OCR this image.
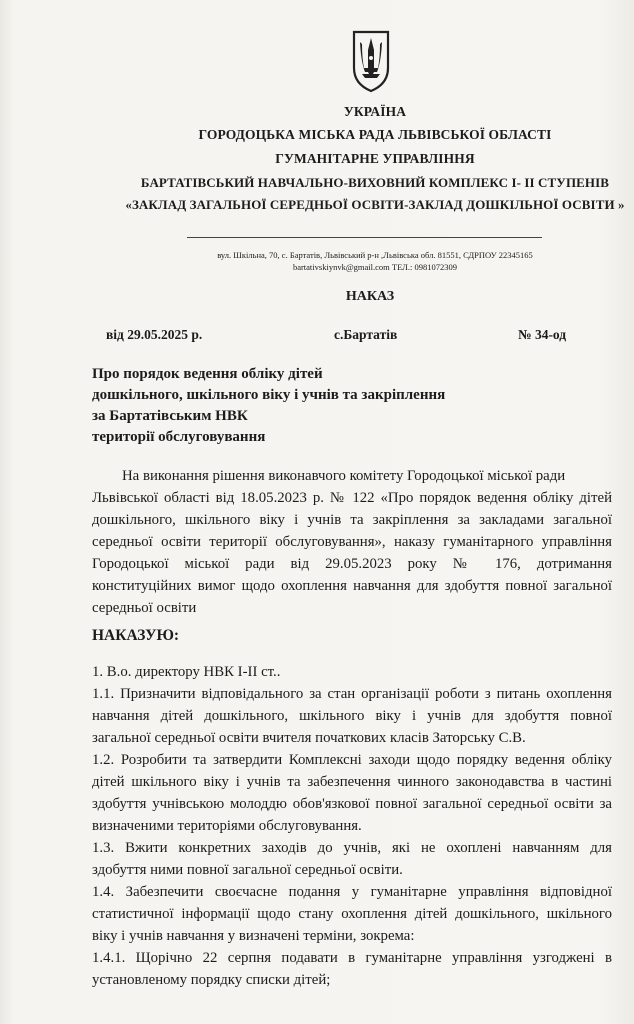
УКРАЇНА
ГОРОДОЦЬКА МІСЬКА РАДА ЛЬВІВСЬКОЇ ОБЛАСТІ
ГУМАНІТАРНЕ УПРАВЛІННЯ
БАРТАТІВСЬКИЙ НАВЧАЛЬНО-ВИХОВНИЙ КОМПЛЕКС І- ІІ СТУПЕНІВ
«ЗАКЛАД ЗАГАЛЬНОЇ СЕРЕДНЬОЇ ОСВІТИ-ЗАКЛАД ДОШКІЛЬНОЇ ОСВІТИ »
вул. Шкільна, 70, с. Бартатів, Львівський р-н ,Львівська обл. 81551, СДРПОУ 22345165
bartativskiynvk@gmail.com ТЕЛ.: 0981072309
НАКАЗ
від 29.05.2025 р.	с.Бартатів	№ 34-од
Про порядок ведення обліку дітей
дошкільного, шкільного віку і учнів та закріплення
за Бартатівським НВК
території обслуговування
На виконання рішення виконавчого комітету Городоцької міської ради
Львівської області від 18.05.2023 р. № 122 «Про порядок ведення обліку дітей
дошкільного, шкільного віку і учнів та закріплення за закладами загальної
середньої освіти території обслуговування», наказу гуманітарного управління
Городоцької міської ради від 29.05.2023 року № 176, дотримання
конституційних вимог щодо охоплення навчання для здобуття повної загальної
середньої освіти
НАКАЗУЮ:
1. В.о. директору НВК І-ІІ ст..
1.1. Призначити відповідального за стан організації роботи з питань охоплення
навчання дітей дошкільного, шкільного віку і учнів для здобуття повної
загальної середньої освіти вчителя початкових класів Заторську С.В.
1.2. Розробити та затвердити Комплексні заходи щодо порядку ведення обліку
дітей шкільного віку і учнів та забезпечення чинного законодавства в частині
здобуття учнівською молоддю обов'язкової повної загальної середньої освіти за
визначеними територіями обслуговування.
1.3. Вжити конкретних заходів до учнів, які не охоплені навчанням для
здобуття ними повної загальної середньої освіти.
1.4. Забезпечити своєчасне подання у гуманітарне управління відповідної
статистичної інформації щодо стану охоплення дітей дошкільного, шкільного
віку і учнів навчання у визначені терміни, зокрема:
1.4.1. Щорічно 22 серпня подавати в гуманітарне управління узгоджені в
установленому порядку списки дітей;
